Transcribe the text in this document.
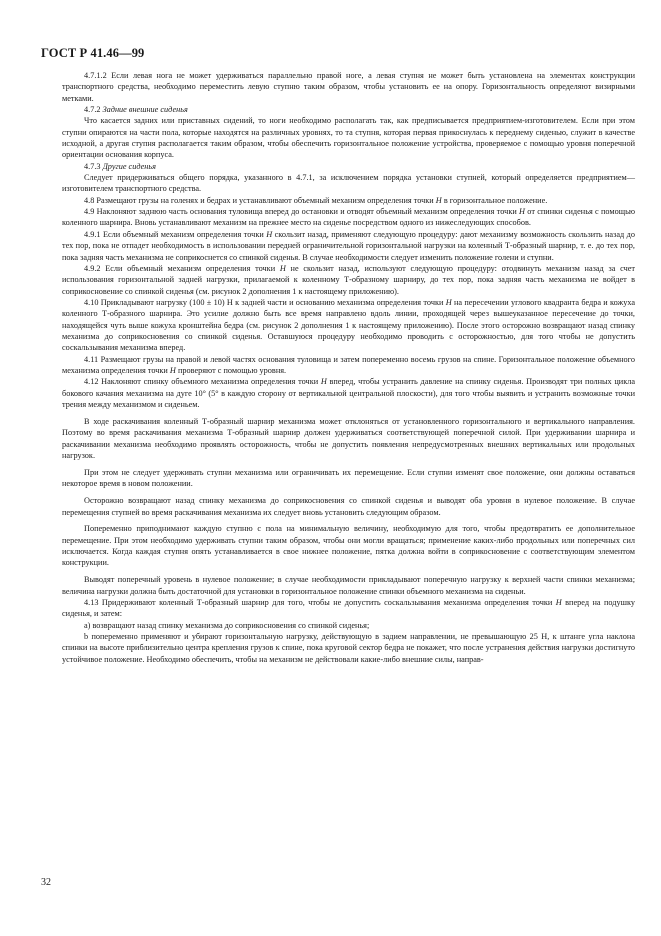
ГОСТ Р 41.46—99

4.7.1.2 Если левая нога не может удерживаться параллельно правой ноге, а левая ступня не может быть установлена на элементах конструкции транспортного средства, необходимо переместить левую ступню таким образом, чтобы установить ее на опору. Горизонтальность определяют визирными метками.

4.7.2 Задние внешние сиденья

Что касается задних или приставных сидений, то ноги необходимо располагать так, как предписывается предприятием-изготовителем. Если при этом ступни опираются на части пола, которые находятся на различных уровнях, то та ступня, которая первая прикоснулась к переднему сиденью, служит в качестве исходной, а другая ступня располагается таким образом, чтобы обеспечить горизонтальное положение устройства, проверяемое с помощью уровня поперечной ориентации основания корпуса.

4.7.3 Другие сиденья

Следует придерживаться общего порядка, указанного в 4.7.1, за исключением порядка установки ступней, который определяется предприятием—изготовителем транспортного средства.

4.8 Размещают грузы на голенях и бедрах и устанавливают объемный механизм определения точки H в горизонтальное положение.

4.9 Наклоняют заднюю часть основания туловища вперед до остановки и отводят объемный механизм определения точки H от спинки сиденья с помощью коленного шарнира. Вновь устанавливают механизм на прежнее место на сиденье посредством одного из нижеследующих способов.

4.9.1 Если объемный механизм определения точки H скользит назад, применяют следующую процедуру: дают механизму возможность скользить назад до тех пор, пока не отпадет необходимость в использовании передней ограничительной горизонтальной нагрузки на коленный Т-образный шарнир, т. е. до тех пор, пока задняя часть механизма не соприкоснется со спинкой сиденья. В случае необходимости следует изменить положение голени и ступни.

4.9.2 Если объемный механизм определения точки H не скользит назад, используют следующую процедуру: отодвинуть механизм назад за счет использования горизонтальной задней нагрузки, прилагаемой к коленному Т-образному шарниру, до тех пор, пока задняя часть механизма не войдет в соприкосновение со спинкой сиденья (см. рисунок 2 дополнения 1 к настоящему приложению).

4.10 Прикладывают нагрузку (100 ± 10) Н к задней части и основанию механизма определения точки H на пересечении углового квадранта бедра и кожуха коленного Т-образного шарнира. Это усилие должно быть все время направлено вдоль линии, проходящей через вышеуказанное пересечение до точки, находящейся чуть выше кожуха кронштейна бедра (см. рисунок 2 дополнения 1 к настоящему приложению). После этого осторожно возвращают назад спинку механизма до соприкосновения со спинкой сиденья. Оставшуюся процедуру необходимо проводить с осторожностью, для того чтобы не допустить соскальзывания механизма вперед.

4.11 Размещают грузы на правой и левой частях основания туловища и затем попеременно восемь грузов на спине. Горизонтальное положение объемного механизма определения точки H проверяют с помощью уровня.

4.12 Наклоняют спинку объемного механизма определения точки H вперед, чтобы устранить давление на спинку сиденья. Производят три полных цикла бокового качания механизма на дуге 10° (5° в каждую сторону от вертикальной центральной плоскости), для того чтобы выявить и устранить возможные точки трения между механизмом и сиденьем.

В ходе раскачивания коленный Т-образный шарнир механизма может отклоняться от установленного горизонтального и вертикального направления. Поэтому во время раскачивания механизма Т-образный шарнир должен удерживаться соответствующей поперечной силой. При удерживании шарнира и раскачивании механизма необходимо проявлять осторожность, чтобы не допустить появления непредусмотренных внешних вертикальных или продольных нагрузок.

При этом не следует удерживать ступни механизма или ограничивать их перемещение. Если ступни изменят свое положение, они должны оставаться некоторое время в новом положении.

Осторожно возвращают назад спинку механизма до соприкосновения со спинкой сиденья и выводят оба уровня в нулевое положение. В случае перемещения ступней во время раскачивания механизма их следует вновь установить следующим образом.

Попеременно приподнимают каждую ступню с пола на минимальную величину, необходимую для того, чтобы предотвратить ее дополнительное перемещение. При этом необходимо удерживать ступни таким образом, чтобы они могли вращаться; применение каких-либо продольных или поперечных сил исключается. Когда каждая ступня опять устанавливается в свое нижнее положение, пятка должна войти в соприкосновение с соответствующим элементом конструкции.

Выводят поперечный уровень в нулевое положение; в случае необходимости прикладывают поперечную нагрузку к верхней части спинки механизма; величина нагрузки должна быть достаточной для установки в горизонтальное положение спинки объемного механизма на сиденьи.

4.13 Придерживают коленный Т-образный шарнир для того, чтобы не допустить соскальзывания механизма определения точки H вперед на подушку сиденья, и затем:

а) возвращают назад спинку механизма до соприкосновения со спинкой сиденья;

b попеременно применяют и убирают горизонтальную нагрузку, действующую в задием направлении, не превышающую 25 Н, к штанге угла наклона спинки на высоте приблизительно центра крепления грузов к спине, пока круговой сектор бедра не покажет, что после устранения действия нагрузки достигнуто устойчивое положение. Необходимо обеспечить, чтобы на механизм не действовали какие-либо внешние силы, направ-

32
